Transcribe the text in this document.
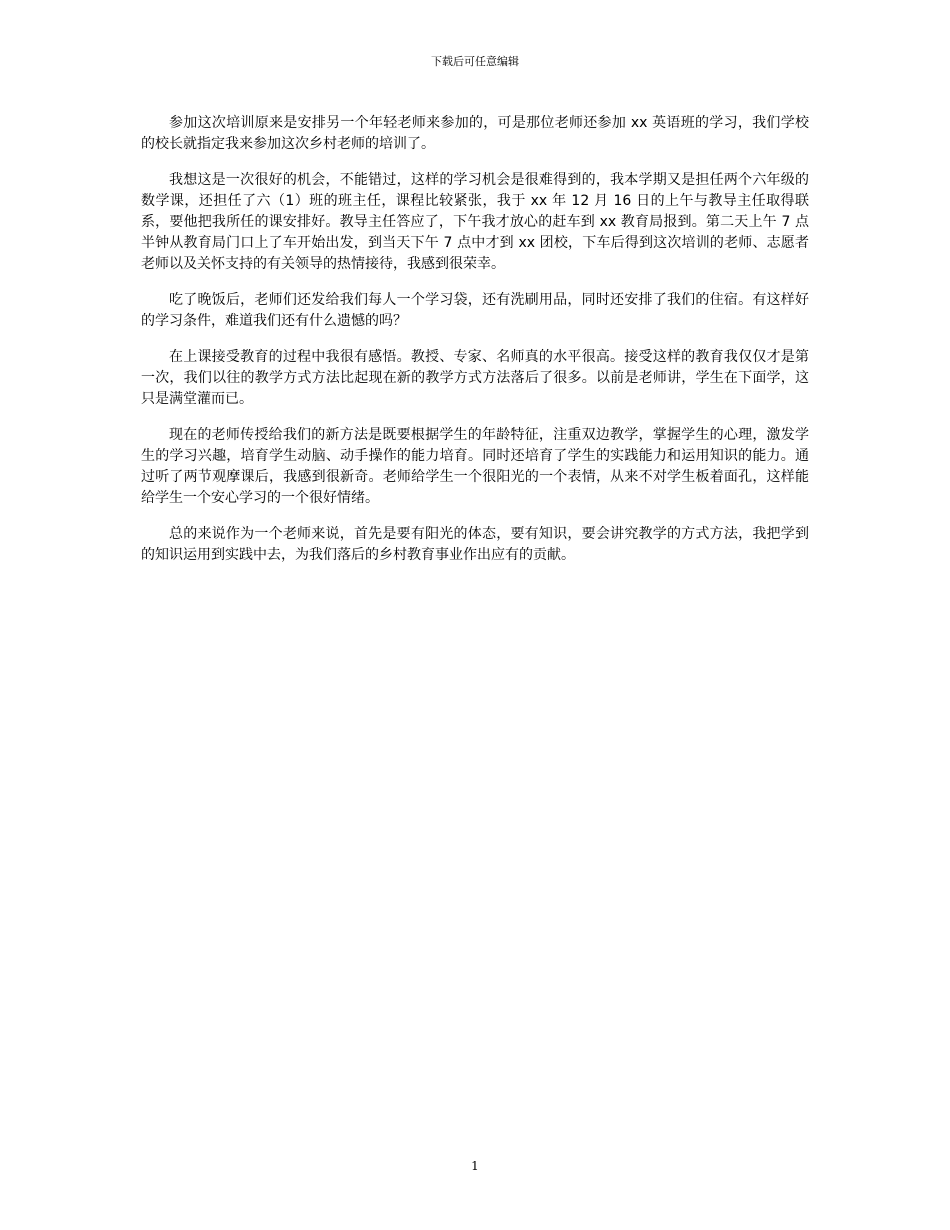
下载后可任意编辑

参加这次培训原来是安排另一个年轻老师来参加的，可是那位老师还参加 xx 英语班的学习，我们学校的校长就指定我来参加这次乡村老师的培训了。

我想这是一次很好的机会，不能错过，这样的学习机会是很难得到的，我本学期又是担任两个六年级的数学课，还担任了六（1）班的班主任，课程比较紧张，我于 xx 年 12 月 16 日的上午与教导主任取得联系，要他把我所任的课安排好。教导主任答应了，下午我才放心的赶车到 xx 教育局报到。第二天上午 7 点半钟从教育局门口上了车开始出发，到当天下午 7 点中才到 xx 团校，下车后得到这次培训的老师、志愿者老师以及关怀支持的有关领导的热情接待，我感到很荣幸。

吃了晚饭后，老师们还发给我们每人一个学习袋，还有洗刷用品，同时还安排了我们的住宿。有这样好的学习条件，难道我们还有什么遗憾的吗？

在上课接受教育的过程中我很有感悟。教授、专家、名师真的水平很高。接受这样的教育我仅仅才是第一次，我们以往的教学方式方法比起现在新的教学方式方法落后了很多。以前是老师讲，学生在下面学，这只是满堂灌而已。

现在的老师传授给我们的新方法是既要根据学生的年龄特征，注重双边教学，掌握学生的心理，激发学生的学习兴趣，培育学生动脑、动手操作的能力培育。同时还培育了学生的实践能力和运用知识的能力。通过听了两节观摩课后，我感到很新奇。老师给学生一个很阳光的一个表情，从来不对学生板着面孔，这样能给学生一个安心学习的一个很好情绪。

总的来说作为一个老师来说，首先是要有阳光的体态，要有知识，要会讲究教学的方式方法，我把学到的知识运用到实践中去，为我们落后的乡村教育事业作出应有的贡献。

1
